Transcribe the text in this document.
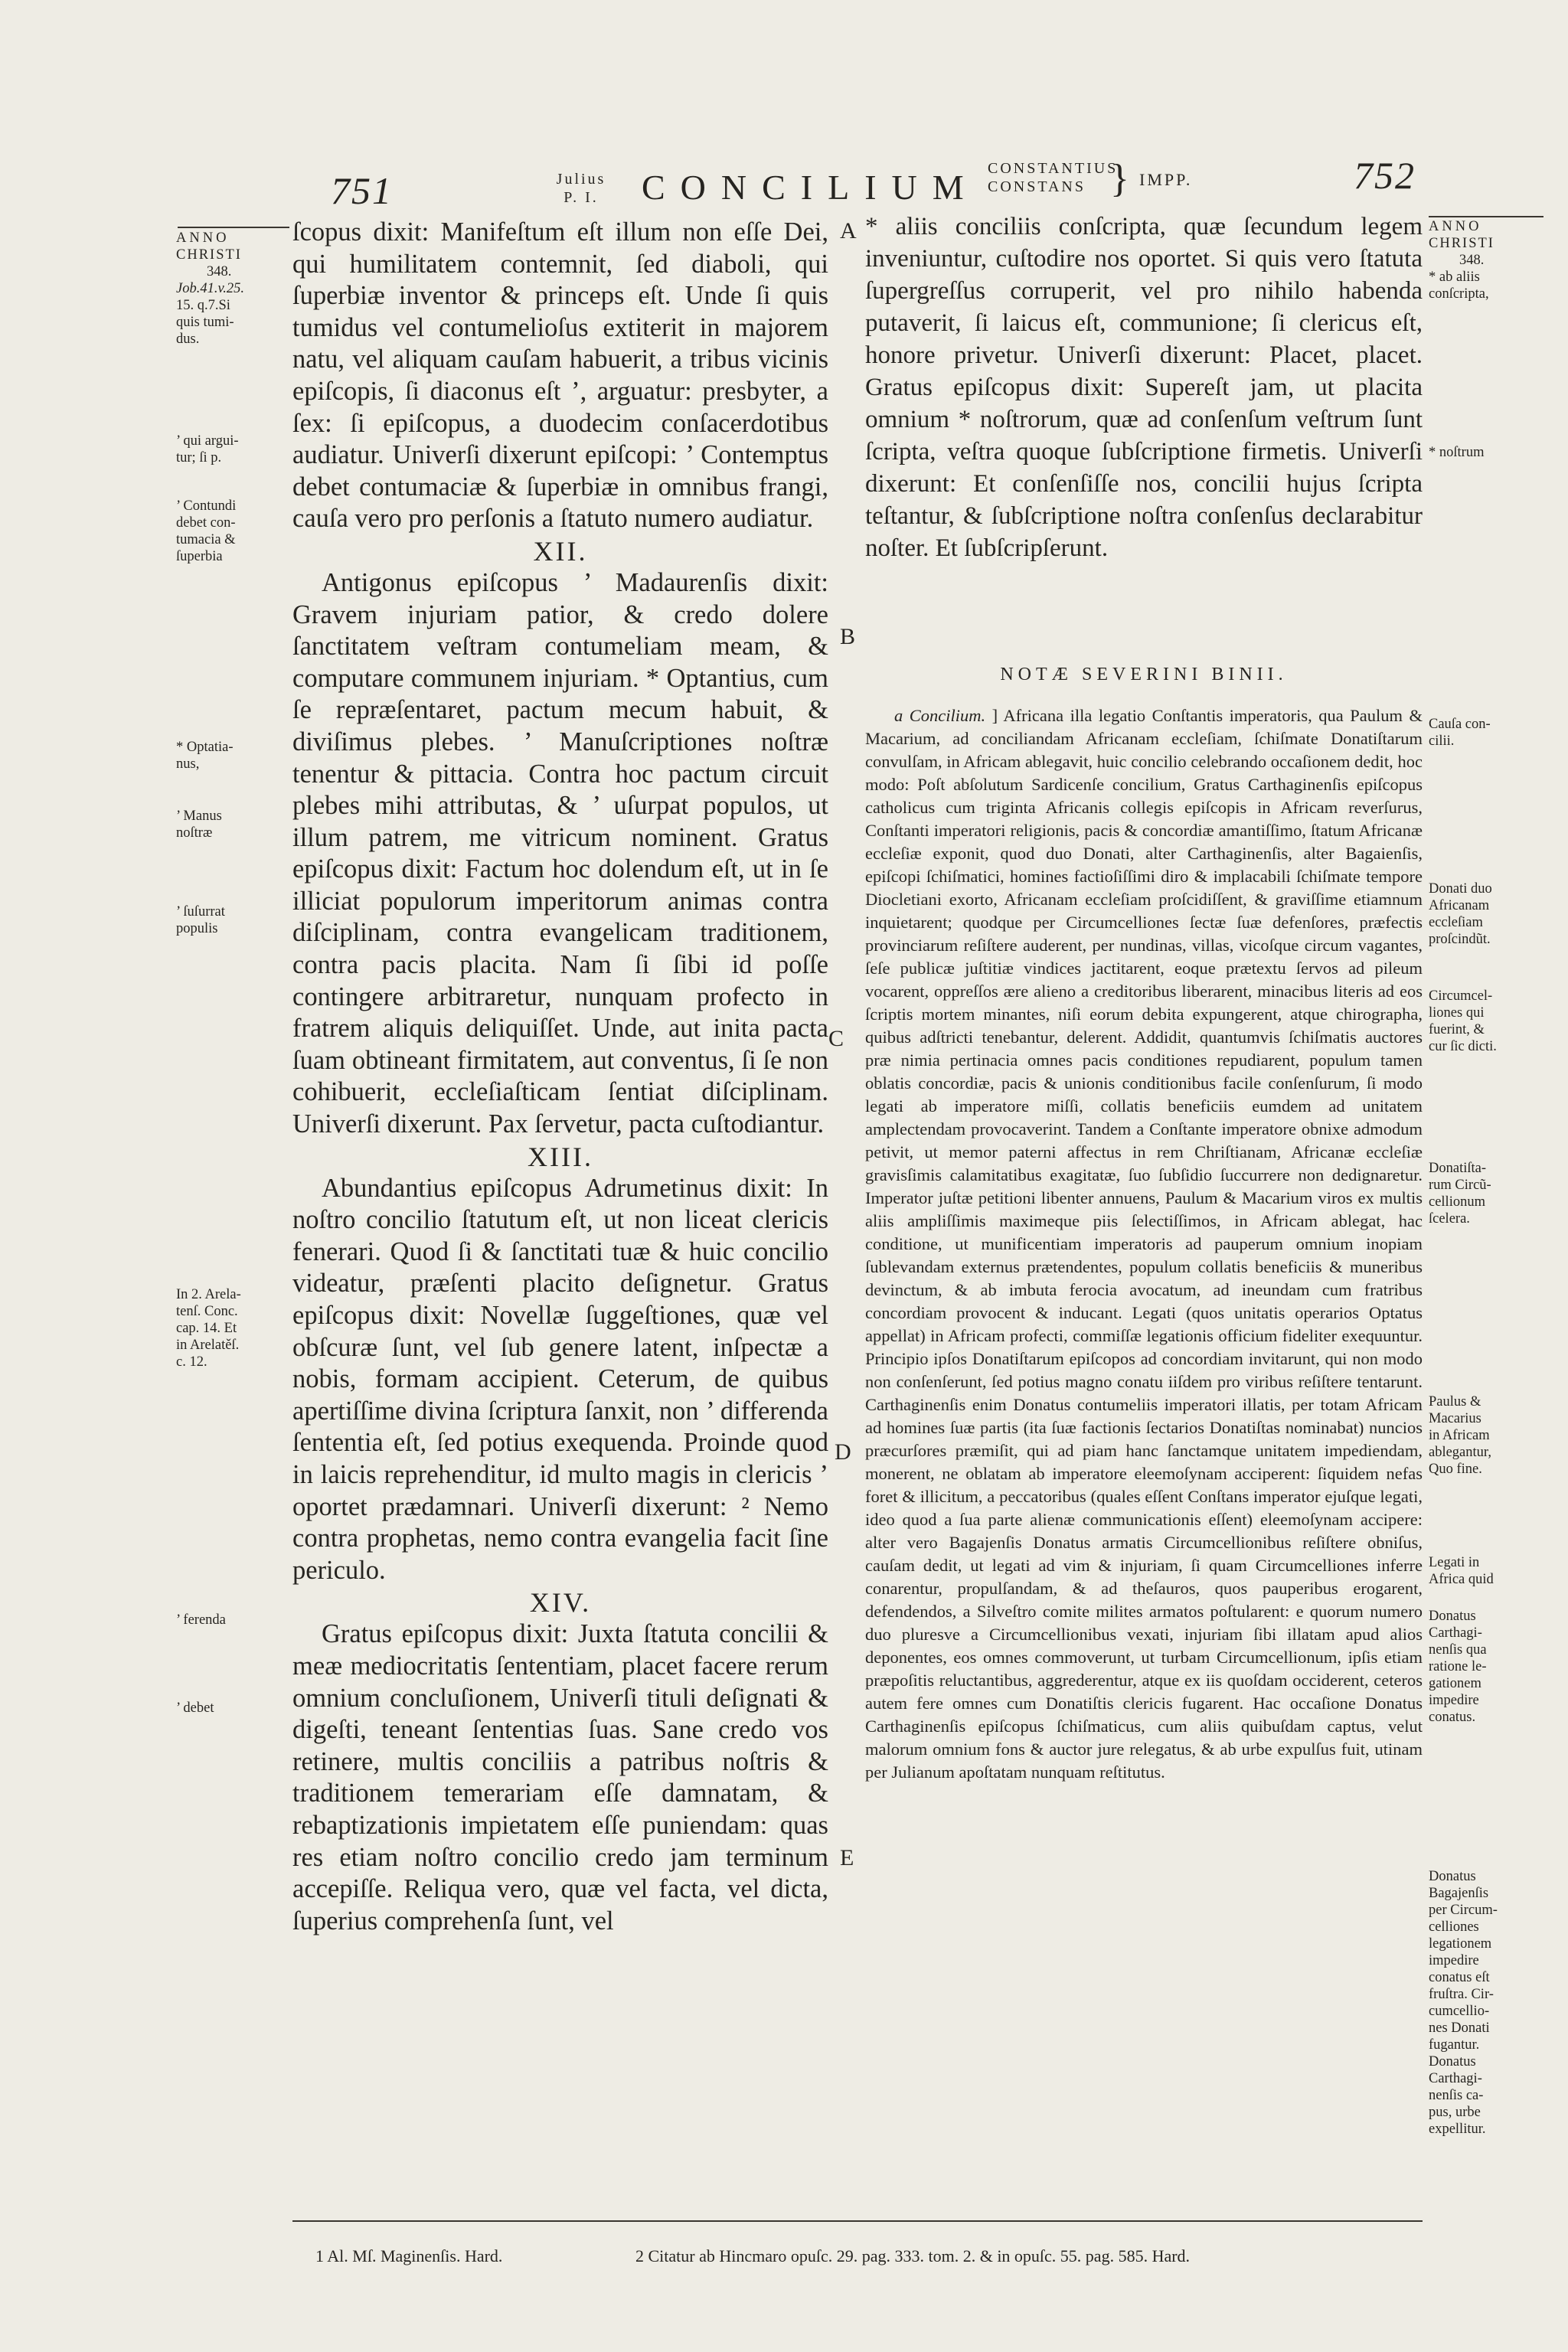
751	Julius
P. I. CONCILIUM CONSTANTIUS
CONSTANS } IMPP.	752

ſcopus dixit: Manifeſtum eſt illum non eſſe Dei, qui humilitatem contemnit, ſed diaboli, qui ſuperbiæ inventor & princeps eſt. Unde ſi quis tumidus vel contumelioſus extiterit in majorem natu, vel aliquam cauſam habuerit, a tribus vicinis epiſcopis, ſi diaconus eſt ’, arguatur: presbyter, a ſex: ſi epiſcopus, a duodecim conſacerdotibus audiatur. Univerſi dixerunt epiſcopi: ’ Contemptus debet contumaciæ & ſuperbiæ in omnibus frangi, cauſa vero pro perſonis a ſtatuto numero audiatur.

XII.

Antigonus epiſcopus ’ Madaurenſis dixit: Gravem injuriam patior, & credo dolere ſanctitatem veſtram contumeliam meam, & computare communem injuriam. * Optantius, cum ſe repræſentaret, pactum mecum habuit, & diviſimus plebes. ’ Manuſcriptiones noſtræ tenentur & pittacia. Contra hoc pactum circuit plebes mihi attributas, & ’ uſurpat populos, ut illum patrem, me vitricum nominent. Gratus epiſcopus dixit: Factum hoc dolendum eſt, ut in ſe illiciat populorum imperitorum animas contra diſciplinam, contra evangelicam traditionem, contra pacis placita. Nam ſi ſibi id poſſe contingere arbitraretur, nunquam profecto in fratrem aliquis deliquiſſet. Unde, aut inita pacta ſuam obtineant firmitatem, aut conventus, ſi ſe non cohibuerit, eccleſiaſticam ſentiat diſciplinam. Univerſi dixerunt. Pax ſervetur, pacta cuſtodiantur.

XIII.

Abundantius epiſcopus Adrumetinus dixit: In noſtro concilio ſtatutum eſt, ut non liceat clericis fenerari. Quod ſi & ſanctitati tuæ & huic concilio videatur, præſenti placito deſignetur. Gratus epiſcopus dixit: Novellæ ſuggeſtiones, quæ vel obſcuræ ſunt, vel ſub genere latent, inſpectæ a nobis, formam accipient. Ceterum, de quibus apertiſſime divina ſcriptura ſanxit, non ’ differenda ſententia eſt, ſed potius exequenda. Proinde quod in laicis reprehenditur, id multo magis in clericis ’ oportet prædamnari. Univerſi dixerunt: ² Nemo contra prophetas, nemo contra evangelia facit ſine periculo.

XIV.

Gratus epiſcopus dixit: Juxta ſtatuta concilii & meæ mediocritatis ſententiam, placet facere rerum omnium concluſionem, Univerſi tituli deſignati & digeſti, teneant ſententias ſuas. Sane credo vos retinere, multis conciliis a patribus noſtris & traditionem temerariam eſſe damnatam, & rebaptizationis impietatem eſſe puniendam: quas res etiam noſtro concilio credo jam terminum accepiſſe. Reliqua vero, quæ vel facta, vel dicta, ſuperius comprehenſa ſunt, vel

* aliis conciliis conſcripta, quæ ſecundum legem inveniuntur, cuſtodire nos oportet. Si quis vero ſtatuta ſupergreſſus corruperit, vel pro nihilo habenda putaverit, ſi laicus eſt, communione; ſi clericus eſt, honore privetur. Univerſi dixerunt: Placet, placet. Gratus epiſcopus dixit: Supereſt jam, ut placita omnium * noſtrorum, quæ ad conſenſum veſtrum ſunt ſcripta, veſtra quoque ſubſcriptione firmetis. Univerſi dixerunt: Et conſenſiſſe nos, concilii hujus ſcripta teſtantur, & ſubſcriptione noſtra conſenſus declarabitur noſter. Et ſubſcripſerunt.

NOTÆ SEVERINI BINII.

a Concilium. ] Africana illa legatio Conſtantis imperatoris, qua Paulum & Macarium, ad conciliandam Africanam eccleſiam, ſchiſmate Donatiſtarum convulſam, in Africam ablegavit, huic concilio celebrando occaſionem dedit, hoc modo: Poſt abſolutum Sardicenſe concilium, Gratus Carthaginenſis epiſcopus catholicus cum triginta Africanis collegis epiſcopis in Africam reverſurus, Conſtanti imperatori religionis, pacis & concordiæ amantiſſimo, ſtatum Africanæ eccleſiæ exponit, quod duo Donati, alter Carthaginenſis, alter Bagaienſis, epiſcopi ſchiſmatici, homines factioſiſſimi diro & implacabili ſchiſmate tempore Diocletiani exorto, Africanam eccleſiam proſcidiſſent, & graviſſime etiamnum inquietarent; quodque per Circumcelliones ſectæ ſuæ defenſores, præfectis provinciarum reſiſtere auderent, per nundinas, villas, vicoſque circum vagantes, ſeſe publicæ juſtitiæ vindices jactitarent, eoque prætextu ſervos ad pileum vocarent, oppreſſos ære alieno a creditoribus liberarent, minacibus literis ad eos ſcriptis mortem minantes, niſi eorum debita expungerent, atque chirographa, quibus adſtricti tenebantur, delerent. Addidit, quantumvis ſchiſmatis auctores præ nimia pertinacia omnes pacis conditiones repudiarent, populum tamen oblatis concordiæ, pacis & unionis conditionibus facile conſenſurum, ſi modo legati ab imperatore miſſi, collatis beneficiis eumdem ad unitatem amplectendam provocaverint. Tandem a Conſtante imperatore obnixe admodum petivit, ut memor paterni affectus in rem Chriſtianam, Africanæ eccleſiæ gravisſimis calamitatibus exagitatæ, ſuo ſubſidio ſuccurrere non dedignaretur. Imperator juſtæ petitioni libenter annuens, Paulum & Macarium viros ex multis aliis ampliſſimis maximeque piis ſelectiſſimos, in Africam ablegat, hac conditione, ut munificentiam imperatoris ad pauperum omnium inopiam ſublevandam externus prætendentes, populum collatis beneficiis & muneribus devinctum, & ab imbuta ferocia avocatum, ad ineundam cum fratribus concordiam provocent & inducant. Legati (quos unitatis operarios Optatus appellat) in Africam profecti, commiſſæ legationis officium fideliter exequuntur. Principio ipſos Donatiſtarum epiſcopos ad concordiam invitarunt, qui non modo non conſenſerunt, ſed potius magno conatu iiſdem pro viribus reſiſtere tentarunt. Carthaginenſis enim Donatus contumeliis imperatori illatis, per totam Africam ad homines ſuæ partis (ita ſuæ factionis ſectarios Donatiſtas nominabat) nuncios præcurſores præmiſit, qui ad piam hanc ſanctamque unitatem impediendam, monerent, ne oblatam ab imperatore eleemoſynam acciperent: ſiquidem nefas foret & illicitum, a peccatoribus (quales eſſent Conſtans imperator ejuſque legati, ideo quod a ſua parte alienæ communicationis eſſent) eleemoſynam accipere: alter vero Bagajenſis Donatus armatis Circumcellionibus reſiſtere obniſus, cauſam dedit, ut legati ad vim & injuriam, ſi quam Circumcelliones inferre conarentur, propulſandam, & ad theſauros, quos pauperibus erogarent, defendendos, a Silveſtro comite milites armatos poſtularent: e quorum numero duo pluresve a Circumcellionibus vexati, injuriam ſibi illatam apud alios deponentes, eos omnes commoverunt, ut turbam Circumcellionum, ipſis etiam præpoſitis reluctantibus, aggrederentur, atque ex iis quoſdam occiderent, ceteros autem fere omnes cum Donatiſtis clericis fugarent. Hac occaſione Donatus Carthaginenſis epiſcopus ſchiſmaticus, cum aliis quibuſdam captus, velut malorum omnium fons & auctor jure relegatus, & ab urbe expulſus fuit, utinam per Julianum apoſtatam nunquam reſtitutus.

ANNO
CHRISTI
348.
Job.41.v.25.
15. q.7.Si
quis tumi-
dus.
’ qui argui-
tur; ſi p.
’ Contundi
debet con-
tumacia &
ſuperbia
* Optatia-
nus,
’ Manus
noſtræ
’ ſuſurrat
populis
In 2. Arela-
tenſ. Conc.
cap. 14. Et
in Arelatěſ.
c. 12.
’ ferenda
’ debet
ANNO
CHRISTI
348.
* ab aliis
conſcripta,
* noſtrum
Cauſa con-
cilii.
Donati duo
Africanam
eccleſiam
proſcindũt.
Circumcel-
liones qui
fuerint, &
cur ſic dicti.
Donatiſta-
rum Circũ-
cellionum
ſcelera.
Paulus &
Macarius
in Africam
ablegantur,
Quo fine.
Legati in
Africa quid
Donatus
Carthagi-
nenſis qua
ratione le-
gationem
impedire
conatus.
Donatus
Bagajenſis
per Circum-
celliones
legationem
impedire
conatus eſt
fruſtra. Cir-
cumcellio-
nes Donati
fugantur.
Donatus
Carthagi-
nenſis ca-
pus, urbe
expellitur.
A
B
C
D
E
1 Al. Mſ. Maginenſis. Hard.	2 Citatur ab Hincmaro opuſc. 29. pag. 333. tom. 2. & in opuſc. 55. pag. 585. Hard.
